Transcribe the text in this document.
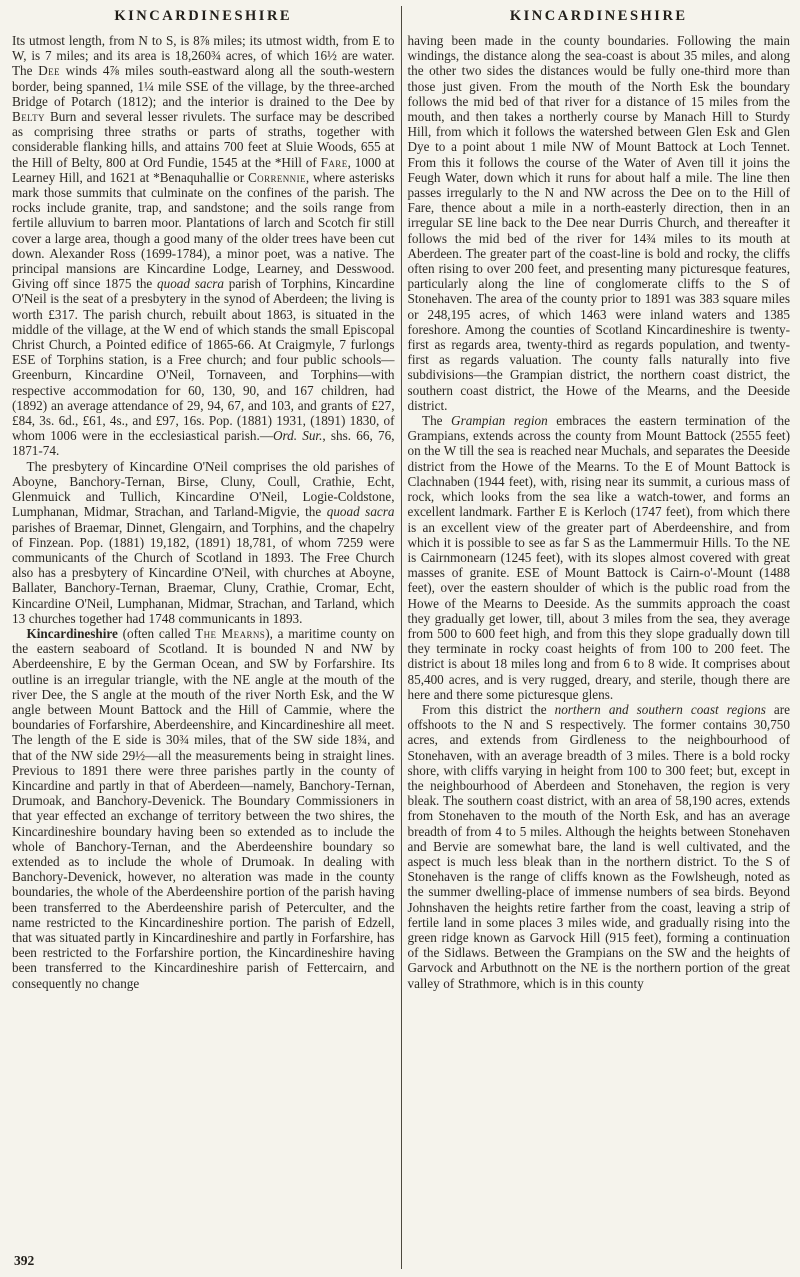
KINCARDINESHIRE

Its utmost length, from N to S, is 8⅞ miles; its utmost width, from E to W, is 7 miles; and its area is 18,260¾ acres, of which 16½ are water. The Dee winds 4⅞ miles south-eastward along all the south-western border, being spanned, 1¼ mile SSE of the village, by the three-arched Bridge of Potarch (1812); and the interior is drained to the Dee by Belty Burn and several lesser rivulets. The surface may be described as comprising three straths or parts of straths, together with considerable flanking hills, and attains 700 feet at Sluie Woods, 655 at the Hill of Belty, 800 at Ord Fundie, 1545 at the *Hill of Fare, 1000 at Learney Hill, and 1621 at *Benaquhallie or Corrennie, where asterisks mark those summits that culminate on the confines of the parish. The rocks include granite, trap, and sandstone; and the soils range from fertile alluvium to barren moor. Plantations of larch and Scotch fir still cover a large area, though a good many of the older trees have been cut down. Alexander Ross (1699-1784), a minor poet, was a native. The principal mansions are Kincardine Lodge, Learney, and Desswood. Giving off since 1875 the quoad sacra parish of Torphins, Kincardine O'Neil is the seat of a presbytery in the synod of Aberdeen; the living is worth £317. The parish church, rebuilt about 1863, is situated in the middle of the village, at the W end of which stands the small Episcopal Christ Church, a Pointed edifice of 1865-66. At Craigmyle, 7 furlongs ESE of Torphins station, is a Free church; and four public schools—Greenburn, Kincardine O'Neil, Tornaveen, and Torphins—with respective accommodation for 60, 130, 90, and 167 children, had (1892) an average attendance of 29, 94, 67, and 103, and grants of £27, £84, 3s. 6d., £61, 4s., and £97, 16s. Pop. (1881) 1931, (1891) 1830, of whom 1006 were in the ecclesiastical parish.—Ord. Sur., shs. 66, 76, 1871-74.

The presbytery of Kincardine O'Neil comprises the old parishes of Aboyne, Banchory-Ternan, Birse, Cluny, Coull, Crathie, Echt, Glenmuick and Tullich, Kincardine O'Neil, Logie-Coldstone, Lumphanan, Midmar, Strachan, and Tarland-Migvie, the quoad sacra parishes of Braemar, Dinnet, Glengairn, and Torphins, and the chapelry of Finzean. Pop. (1881) 19,182, (1891) 18,781, of whom 7259 were communicants of the Church of Scotland in 1893. The Free Church also has a presbytery of Kincardine O'Neil, with churches at Aboyne, Ballater, Banchory-Ternan, Braemar, Cluny, Crathie, Cromar, Echt, Kincardine O'Neil, Lumphanan, Midmar, Strachan, and Tarland, which 13 churches together had 1748 communicants in 1893.

Kincardineshire (often called The Mearns), a maritime county on the eastern seaboard of Scotland. It is bounded N and NW by Aberdeenshire, E by the German Ocean, and SW by Forfarshire. Its outline is an irregular triangle, with the NE angle at the mouth of the river Dee, the S angle at the mouth of the river North Esk, and the W angle between Mount Battock and the Hill of Cammie, where the boundaries of Forfarshire, Aberdeenshire, and Kincardineshire all meet. The length of the E side is 30¾ miles, that of the SW side 18¾, and that of the NW side 29½—all the measurements being in straight lines. Previous to 1891 there were three parishes partly in the county of Kincardine and partly in that of Aberdeen—namely, Banchory-Ternan, Drumoak, and Banchory-Devenick. The Boundary Commissioners in that year effected an exchange of territory between the two shires, the Kincardineshire boundary having been so extended as to include the whole of Banchory-Ternan, and the Aberdeenshire boundary so extended as to include the whole of Drumoak. In dealing with Banchory-Devenick, however, no alteration was made in the county boundaries, the whole of the Aberdeenshire portion of the parish having been transferred to the Aberdeenshire parish of Peterculter, and the name restricted to the Kincardineshire portion. The parish of Edzell, that was situated partly in Kincardineshire and partly in Forfarshire, has been restricted to the Forfarshire portion, the Kincardineshire having been transferred to the Kincardineshire parish of Fettercairn, and consequently no change

392
KINCARDINESHIRE

having been made in the county boundaries. Following the main windings, the distance along the sea-coast is about 35 miles, and along the other two sides the distances would be fully one-third more than those just given. From the mouth of the North Esk the boundary follows the mid bed of that river for a distance of 15 miles from the mouth, and then takes a northerly course by Manach Hill to Sturdy Hill, from which it follows the watershed between Glen Esk and Glen Dye to a point about 1 mile NW of Mount Battock at Loch Tennet. From this it follows the course of the Water of Aven till it joins the Feugh Water, down which it runs for about half a mile. The line then passes irregularly to the N and NW across the Dee on to the Hill of Fare, thence about a mile in a north-easterly direction, then in an irregular SE line back to the Dee near Durris Church, and thereafter it follows the mid bed of the river for 14¾ miles to its mouth at Aberdeen. The greater part of the coast-line is bold and rocky, the cliffs often rising to over 200 feet, and presenting many picturesque features, particularly along the line of conglomerate cliffs to the S of Stonehaven. The area of the county prior to 1891 was 383 square miles or 248,195 acres, of which 1463 were inland waters and 1385 foreshore. Among the counties of Scotland Kincardineshire is twenty-first as regards area, twenty-third as regards population, and twenty-first as regards valuation. The county falls naturally into five subdivisions—the Grampian district, the northern coast district, the southern coast district, the Howe of the Mearns, and the Deeside district.

The Grampian region embraces the eastern termination of the Grampians, extends across the county from Mount Battock (2555 feet) on the W till the sea is reached near Muchals, and separates the Deeside district from the Howe of the Mearns. To the E of Mount Battock is Clachnaben (1944 feet), with, rising near its summit, a curious mass of rock, which looks from the sea like a watch-tower, and forms an excellent landmark. Farther E is Kerloch (1747 feet), from which there is an excellent view of the greater part of Aberdeenshire, and from which it is possible to see as far S as the Lammermuir Hills. To the NE is Cairnmonearn (1245 feet), with its slopes almost covered with great masses of granite. ESE of Mount Battock is Cairn-o'-Mount (1488 feet), over the eastern shoulder of which is the public road from the Howe of the Mearns to Deeside. As the summits approach the coast they gradually get lower, till, about 3 miles from the sea, they average from 500 to 600 feet high, and from this they slope gradually down till they terminate in rocky coast heights of from 100 to 200 feet. The district is about 18 miles long and from 6 to 8 wide. It comprises about 85,400 acres, and is very rugged, dreary, and sterile, though there are here and there some picturesque glens.

From this district the northern and southern coast regions are offshoots to the N and S respectively. The former contains 30,750 acres, and extends from Girdleness to the neighbourhood of Stonehaven, with an average breadth of 3 miles. There is a bold rocky shore, with cliffs varying in height from 100 to 300 feet; but, except in the neighbourhood of Aberdeen and Stonehaven, the region is very bleak. The southern coast district, with an area of 58,190 acres, extends from Stonehaven to the mouth of the North Esk, and has an average breadth of from 4 to 5 miles. Although the heights between Stonehaven and Bervie are somewhat bare, the land is well cultivated, and the aspect is much less bleak than in the northern district. To the S of Stonehaven is the range of cliffs known as the Fowlsheugh, noted as the summer dwelling-place of immense numbers of sea birds. Beyond Johnshaven the heights retire farther from the coast, leaving a strip of fertile land in some places 3 miles wide, and gradually rising into the green ridge known as Garvock Hill (915 feet), forming a continuation of the Sidlaws. Between the Grampians on the SW and the heights of Garvock and Arbuthnott on the NE is the northern portion of the great valley of Strathmore, which is in this county
